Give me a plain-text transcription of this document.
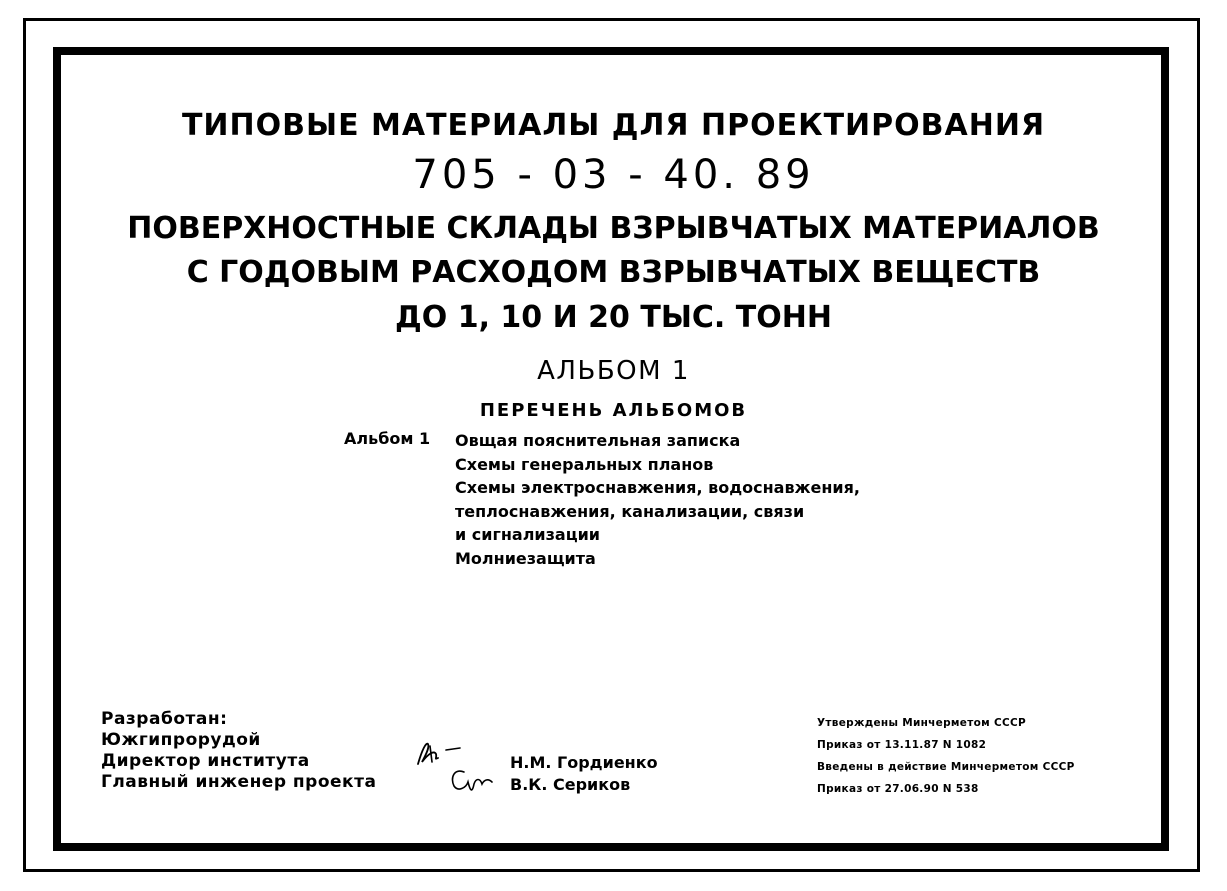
ТИПОВЫЕ МАТЕРИАЛЫ ДЛЯ ПРОЕКТИРОВАНИЯ
705 - 03 - 40. 89
ПОВЕРХНОСТНЫЕ СКЛАДЫ ВЗРЫВЧАТЫХ МАТЕРИАЛОВ
С ГОДОВЫМ РАСХОДОМ ВЗРЫВЧАТЫХ ВЕЩЕСТВ
ДО 1, 10 И 20 ТЫС. ТОНН
АЛЬБОМ 1
ПЕРЕЧЕНЬ АЛЬБОМОВ
Альбом 1 Овщая пояснительная записка
Схемы генеральных планов
Схемы электроснавжения, водоснавжения,
теплоснавжения, канализации, связи
и сигнализации
Молниезащита
Разработан:
Южгипрорудой
Директор института
Главный инженер проекта
Н.М. Гордиенко
В.К. Сериков
Утверждены Минчерметом СССР
Приказ от 13.11.87 N 1082
Введены в действие Минчерметом СССР
Приказ от 27.06.90 N 538
